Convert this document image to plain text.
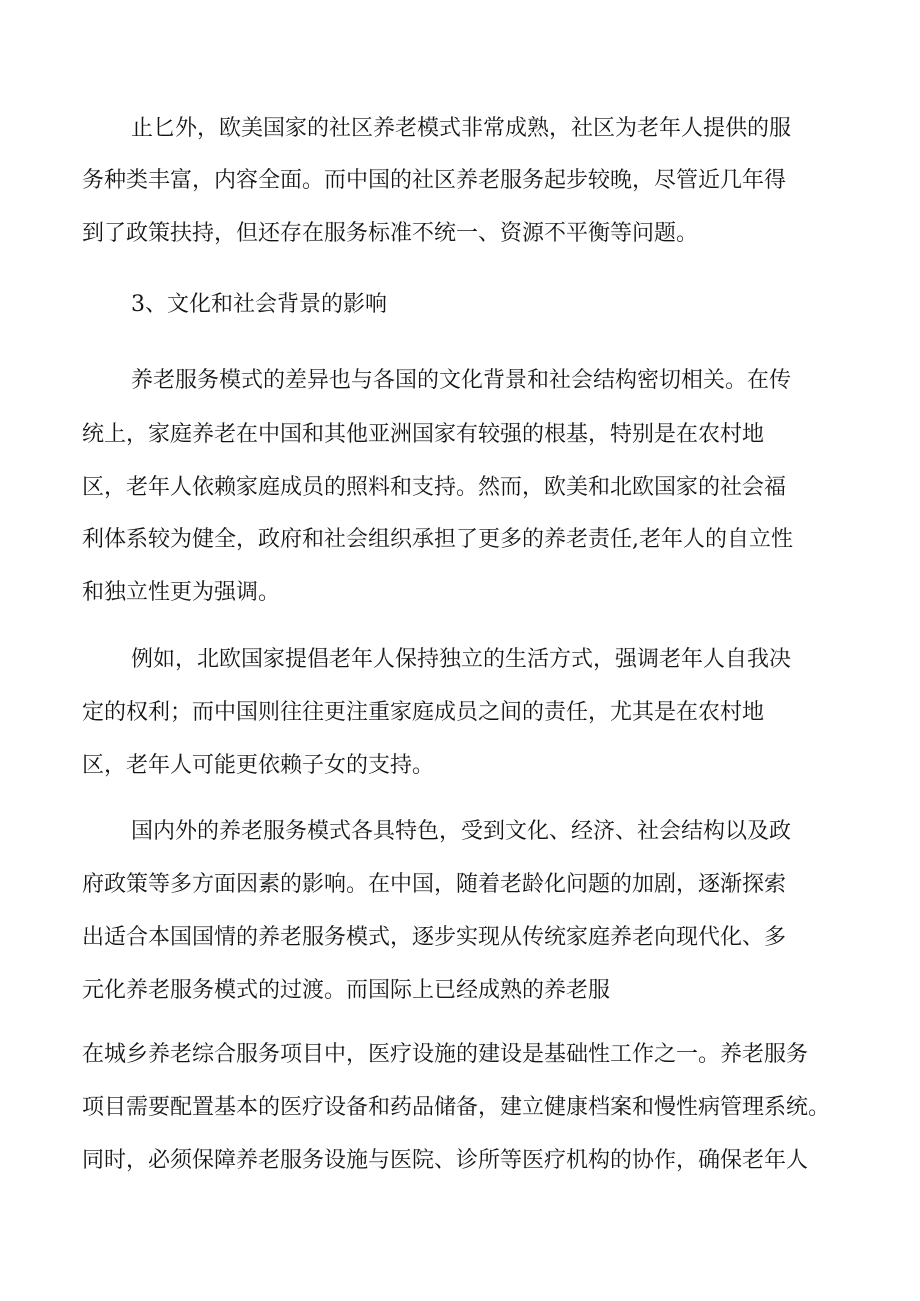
止匕外，欧美国家的社区养老模式非常成熟，社区为老年人提供的服
务种类丰富，内容全面。而中国的社区养老服务起步较晚，尽管近几年得
到了政策扶持，但还存在服务标准不统一、资源不平衡等问题。
3、文化和社会背景的影响
养老服务模式的差异也与各国的文化背景和社会结构密切相关。在传
统上，家庭养老在中国和其他亚洲国家有较强的根基，特别是在农村地
区，老年人依赖家庭成员的照料和支持。然而，欧美和北欧国家的社会福
利体系较为健全，政府和社会组织承担了更多的养老责任,老年人的自立性
和独立性更为强调。
例如，北欧国家提倡老年人保持独立的生活方式，强调老年人自我决
定的权利；而中国则往往更注重家庭成员之间的责任，尤其是在农村地
区，老年人可能更依赖子女的支持。
国内外的养老服务模式各具特色，受到文化、经济、社会结构以及政
府政策等多方面因素的影响。在中国，随着老龄化问题的加剧，逐渐探索
出适合本国国情的养老服务模式，逐步实现从传统家庭养老向现代化、多
元化养老服务模式的过渡。而国际上已经成熟的养老服
在城乡养老综合服务项目中，医疗设施的建设是基础性工作之一。养老服务
项目需要配置基本的医疗设备和药品储备，建立健康档案和慢性病管理系统。
同时，必须保障养老服务设施与医院、诊所等医疗机构的协作，确保老年人
